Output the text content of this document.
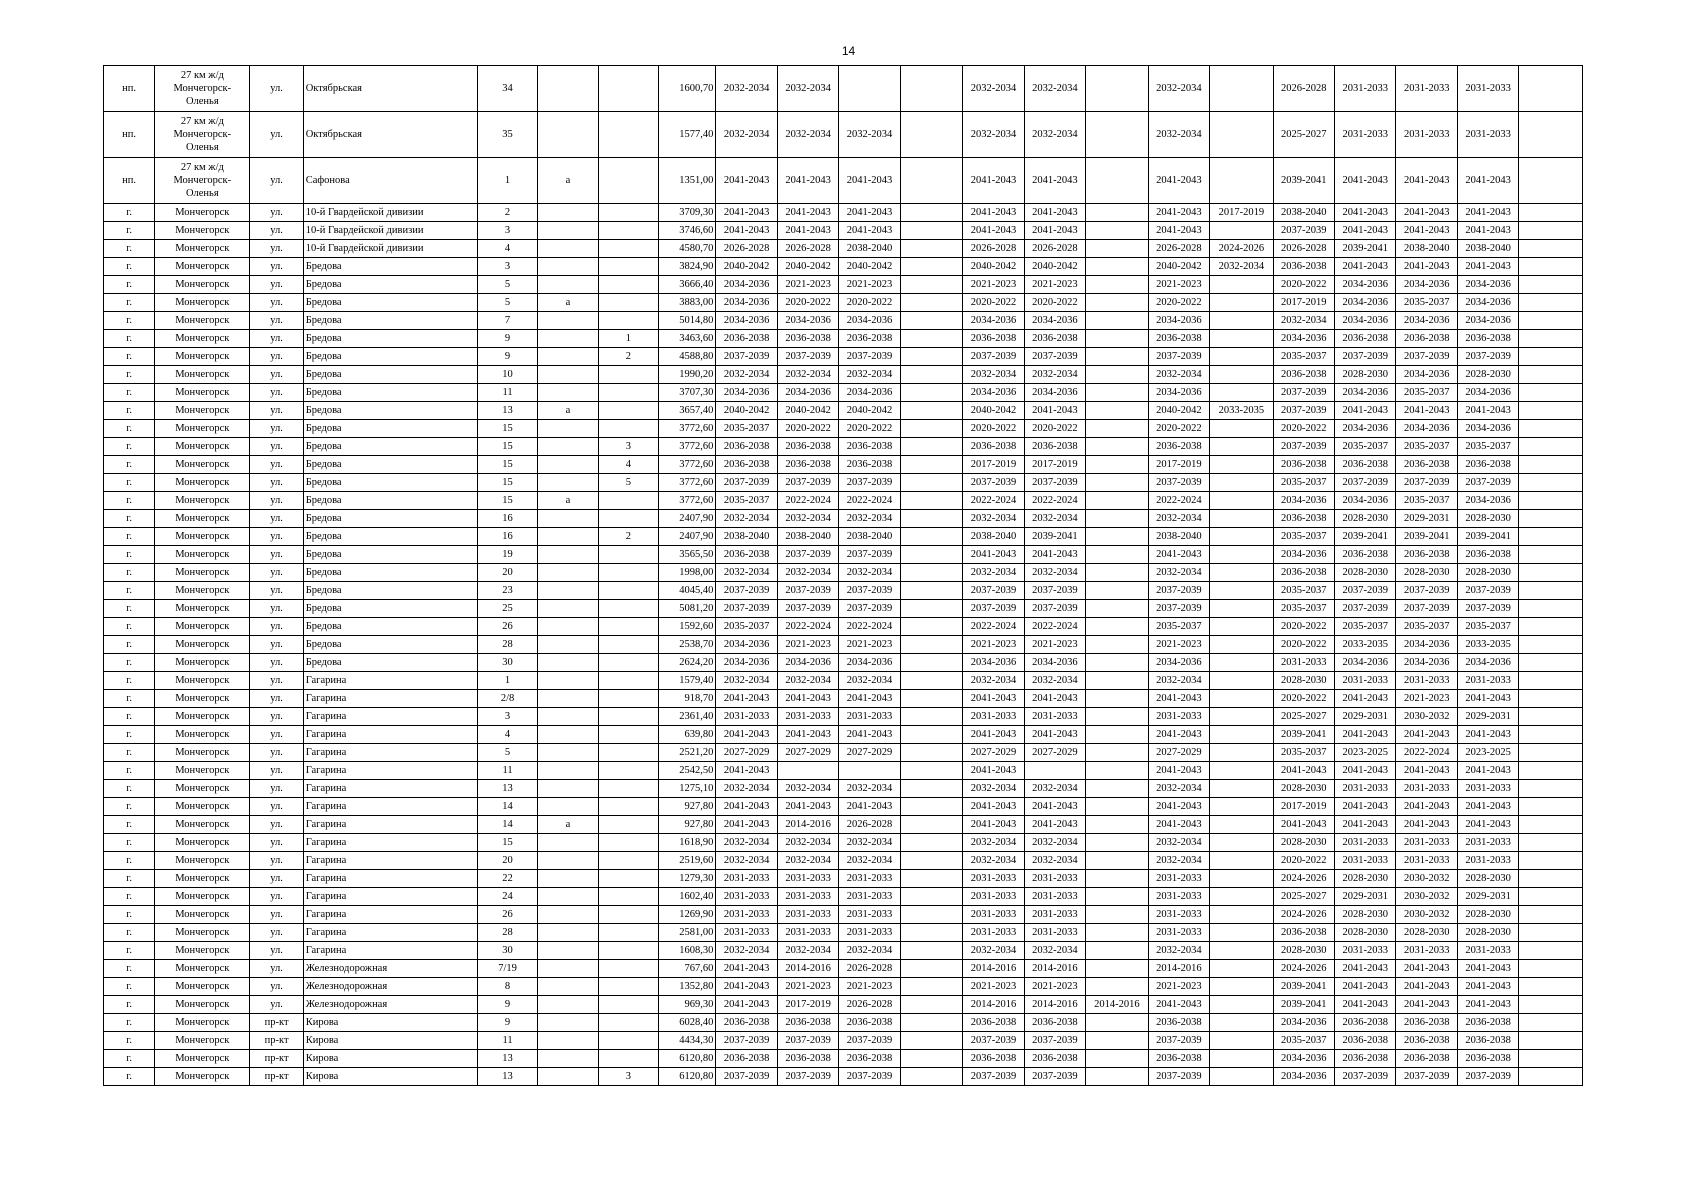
14
нп.	27 км ж/д Мончегорск-Оленья	ул.	Октябрьская	34			1600,70	2032-2034	2032-2034			2032-2034	2032-2034		2032-2034		2026-2028	2031-2033	2031-2033	2031-2033	
нп.	27 км ж/д Мончегорск-Оленья	ул.	Октябрьская	35			1577,40	2032-2034	2032-2034	2032-2034		2032-2034	2032-2034		2032-2034		2025-2027	2031-2033	2031-2033	2031-2033	
нп.	27 км ж/д Мончегорск-Оленья	ул.	Сафонова	1	а		1351,00	2041-2043	2041-2043	2041-2043		2041-2043	2041-2043		2041-2043		2039-2041	2041-2043	2041-2043	2041-2043	
г.	Мончегорск	ул.	10-й Гвардейской дивизии	2			3709,30	2041-2043	2041-2043	2041-2043		2041-2043	2041-2043		2041-2043	2017-2019	2038-2040	2041-2043	2041-2043	2041-2043	
г.	Мончегорск	ул.	10-й Гвардейской дивизии	3			3746,60	2041-2043	2041-2043	2041-2043		2041-2043	2041-2043		2041-2043		2037-2039	2041-2043	2041-2043	2041-2043	
г.	Мончегорск	ул.	10-й Гвардейской дивизии	4			4580,70	2026-2028	2026-2028	2038-2040		2026-2028	2026-2028		2026-2028	2024-2026	2026-2028	2039-2041	2038-2040	2038-2040	
г.	Мончегорск	ул.	Бредова	3			3824,90	2040-2042	2040-2042	2040-2042		2040-2042	2040-2042		2040-2042	2032-2034	2036-2038	2041-2043	2041-2043	2041-2043	
г.	Мончегорск	ул.	Бредова	5			3666,40	2034-2036	2021-2023	2021-2023		2021-2023	2021-2023		2021-2023		2020-2022	2034-2036	2034-2036	2034-2036	
г.	Мончегорск	ул.	Бредова	5	а		3883,00	2034-2036	2020-2022	2020-2022		2020-2022	2020-2022		2020-2022		2017-2019	2034-2036	2035-2037	2034-2036	
г.	Мончегорск	ул.	Бредова	7			5014,80	2034-2036	2034-2036	2034-2036		2034-2036	2034-2036		2034-2036		2032-2034	2034-2036	2034-2036	2034-2036	
г.	Мончегорск	ул.	Бредова	9		1	3463,60	2036-2038	2036-2038	2036-2038		2036-2038	2036-2038		2036-2038		2034-2036	2036-2038	2036-2038	2036-2038	
г.	Мончегорск	ул.	Бредова	9		2	4588,80	2037-2039	2037-2039	2037-2039		2037-2039	2037-2039		2037-2039		2035-2037	2037-2039	2037-2039	2037-2039	
г.	Мончегорск	ул.	Бредова	10			1990,20	2032-2034	2032-2034	2032-2034		2032-2034	2032-2034		2032-2034		2036-2038	2028-2030	2034-2036	2028-2030	
г.	Мончегорск	ул.	Бредова	11			3707,30	2034-2036	2034-2036	2034-2036		2034-2036	2034-2036		2034-2036		2037-2039	2034-2036	2035-2037	2034-2036	
г.	Мончегорск	ул.	Бредова	13	а		3657,40	2040-2042	2040-2042	2040-2042		2040-2042	2041-2043		2040-2042	2033-2035	2037-2039	2041-2043	2041-2043	2041-2043	
г.	Мончегорск	ул.	Бредова	15			3772,60	2035-2037	2020-2022	2020-2022		2020-2022	2020-2022		2020-2022		2020-2022	2034-2036	2034-2036	2034-2036	
г.	Мончегорск	ул.	Бредова	15		3	3772,60	2036-2038	2036-2038	2036-2038		2036-2038	2036-2038		2036-2038		2037-2039	2035-2037	2035-2037	2035-2037	
г.	Мончегорск	ул.	Бредова	15		4	3772,60	2036-2038	2036-2038	2036-2038		2017-2019	2017-2019		2017-2019		2036-2038	2036-2038	2036-2038	2036-2038	
г.	Мончегорск	ул.	Бредова	15		5	3772,60	2037-2039	2037-2039	2037-2039		2037-2039	2037-2039		2037-2039		2035-2037	2037-2039	2037-2039	2037-2039	
г.	Мончегорск	ул.	Бредова	15	а		3772,60	2035-2037	2022-2024	2022-2024		2022-2024	2022-2024		2022-2024		2034-2036	2034-2036	2035-2037	2034-2036	
г.	Мончегорск	ул.	Бредова	16			2407,90	2032-2034	2032-2034	2032-2034		2032-2034	2032-2034		2032-2034		2036-2038	2028-2030	2029-2031	2028-2030	
г.	Мончегорск	ул.	Бредова	16		2	2407,90	2038-2040	2038-2040	2038-2040		2038-2040	2039-2041		2038-2040		2035-2037	2039-2041	2039-2041	2039-2041	
г.	Мончегорск	ул.	Бредова	19			3565,50	2036-2038	2037-2039	2037-2039		2041-2043	2041-2043		2041-2043		2034-2036	2036-2038	2036-2038	2036-2038	
г.	Мончегорск	ул.	Бредова	20			1998,00	2032-2034	2032-2034	2032-2034		2032-2034	2032-2034		2032-2034		2036-2038	2028-2030	2028-2030	2028-2030	
г.	Мончегорск	ул.	Бредова	23			4045,40	2037-2039	2037-2039	2037-2039		2037-2039	2037-2039		2037-2039		2035-2037	2037-2039	2037-2039	2037-2039	
г.	Мончегорск	ул.	Бредова	25			5081,20	2037-2039	2037-2039	2037-2039		2037-2039	2037-2039		2037-2039		2035-2037	2037-2039	2037-2039	2037-2039	
г.	Мончегорск	ул.	Бредова	26			1592,60	2035-2037	2022-2024	2022-2024		2022-2024	2022-2024		2035-2037		2020-2022	2035-2037	2035-2037	2035-2037	
г.	Мончегорск	ул.	Бредова	28			2538,70	2034-2036	2021-2023	2021-2023		2021-2023	2021-2023		2021-2023		2020-2022	2033-2035	2034-2036	2033-2035	
г.	Мончегорск	ул.	Бредова	30			2624,20	2034-2036	2034-2036	2034-2036		2034-2036	2034-2036		2034-2036		2031-2033	2034-2036	2034-2036	2034-2036	
г.	Мончегорск	ул.	Гагарина	1			1579,40	2032-2034	2032-2034	2032-2034		2032-2034	2032-2034		2032-2034		2028-2030	2031-2033	2031-2033	2031-2033	
г.	Мончегорск	ул.	Гагарина	2/8			918,70	2041-2043	2041-2043	2041-2043		2041-2043	2041-2043		2041-2043		2020-2022	2041-2043	2021-2023	2041-2043	
г.	Мончегорск	ул.	Гагарина	3			2361,40	2031-2033	2031-2033	2031-2033		2031-2033	2031-2033		2031-2033		2025-2027	2029-2031	2030-2032	2029-2031	
г.	Мончегорск	ул.	Гагарина	4			639,80	2041-2043	2041-2043	2041-2043		2041-2043	2041-2043		2041-2043		2039-2041	2041-2043	2041-2043	2041-2043	
г.	Мончегорск	ул.	Гагарина	5			2521,20	2027-2029	2027-2029	2027-2029		2027-2029	2027-2029		2027-2029		2035-2037	2023-2025	2022-2024	2023-2025	
г.	Мончегорск	ул.	Гагарина	11			2542,50	2041-2043				2041-2043			2041-2043		2041-2043	2041-2043	2041-2043	2041-2043	
г.	Мончегорск	ул.	Гагарина	13			1275,10	2032-2034	2032-2034	2032-2034		2032-2034	2032-2034		2032-2034		2028-2030	2031-2033	2031-2033	2031-2033	
г.	Мончегорск	ул.	Гагарина	14			927,80	2041-2043	2041-2043	2041-2043		2041-2043	2041-2043		2041-2043		2017-2019	2041-2043	2041-2043	2041-2043	
г.	Мончегорск	ул.	Гагарина	14	а		927,80	2041-2043	2014-2016	2026-2028		2041-2043	2041-2043		2041-2043		2041-2043	2041-2043	2041-2043	2041-2043	
г.	Мончегорск	ул.	Гагарина	15			1618,90	2032-2034	2032-2034	2032-2034		2032-2034	2032-2034		2032-2034		2028-2030	2031-2033	2031-2033	2031-2033	
г.	Мончегорск	ул.	Гагарина	20			2519,60	2032-2034	2032-2034	2032-2034		2032-2034	2032-2034		2032-2034		2020-2022	2031-2033	2031-2033	2031-2033	
г.	Мончегорск	ул.	Гагарина	22			1279,30	2031-2033	2031-2033	2031-2033		2031-2033	2031-2033		2031-2033		2024-2026	2028-2030	2030-2032	2028-2030	
г.	Мончегорск	ул.	Гагарина	24			1602,40	2031-2033	2031-2033	2031-2033		2031-2033	2031-2033		2031-2033		2025-2027	2029-2031	2030-2032	2029-2031	
г.	Мончегорск	ул.	Гагарина	26			1269,90	2031-2033	2031-2033	2031-2033		2031-2033	2031-2033		2031-2033		2024-2026	2028-2030	2030-2032	2028-2030	
г.	Мончегорск	ул.	Гагарина	28			2581,00	2031-2033	2031-2033	2031-2033		2031-2033	2031-2033		2031-2033		2036-2038	2028-2030	2028-2030	2028-2030	
г.	Мончегорск	ул.	Гагарина	30			1608,30	2032-2034	2032-2034	2032-2034		2032-2034	2032-2034		2032-2034		2028-2030	2031-2033	2031-2033	2031-2033	
г.	Мончегорск	ул.	Железнодорожная	7/19			767,60	2041-2043	2014-2016	2026-2028		2014-2016	2014-2016		2014-2016		2024-2026	2041-2043	2041-2043	2041-2043	
г.	Мончегорск	ул.	Железнодорожная	8			1352,80	2041-2043	2021-2023	2021-2023		2021-2023	2021-2023		2021-2023		2039-2041	2041-2043	2041-2043	2041-2043	
г.	Мончегорск	ул.	Железнодорожная	9			969,30	2041-2043	2017-2019	2026-2028		2014-2016	2014-2016	2014-2016	2041-2043		2039-2041	2041-2043	2041-2043	2041-2043	
г.	Мончегорск	пр-кт	Кирова	9			6028,40	2036-2038	2036-2038	2036-2038		2036-2038	2036-2038		2036-2038		2034-2036	2036-2038	2036-2038	2036-2038	
г.	Мончегорск	пр-кт	Кирова	11			4434,30	2037-2039	2037-2039	2037-2039		2037-2039	2037-2039		2037-2039		2035-2037	2036-2038	2036-2038	2036-2038	
г.	Мончегорск	пр-кт	Кирова	13			6120,80	2036-2038	2036-2038	2036-2038		2036-2038	2036-2038		2036-2038		2034-2036	2036-2038	2036-2038	2036-2038	
г.	Мончегорск	пр-кт	Кирова	13		3	6120,80	2037-2039	2037-2039	2037-2039		2037-2039	2037-2039		2037-2039		2034-2036	2037-2039	2037-2039	2037-2039	
